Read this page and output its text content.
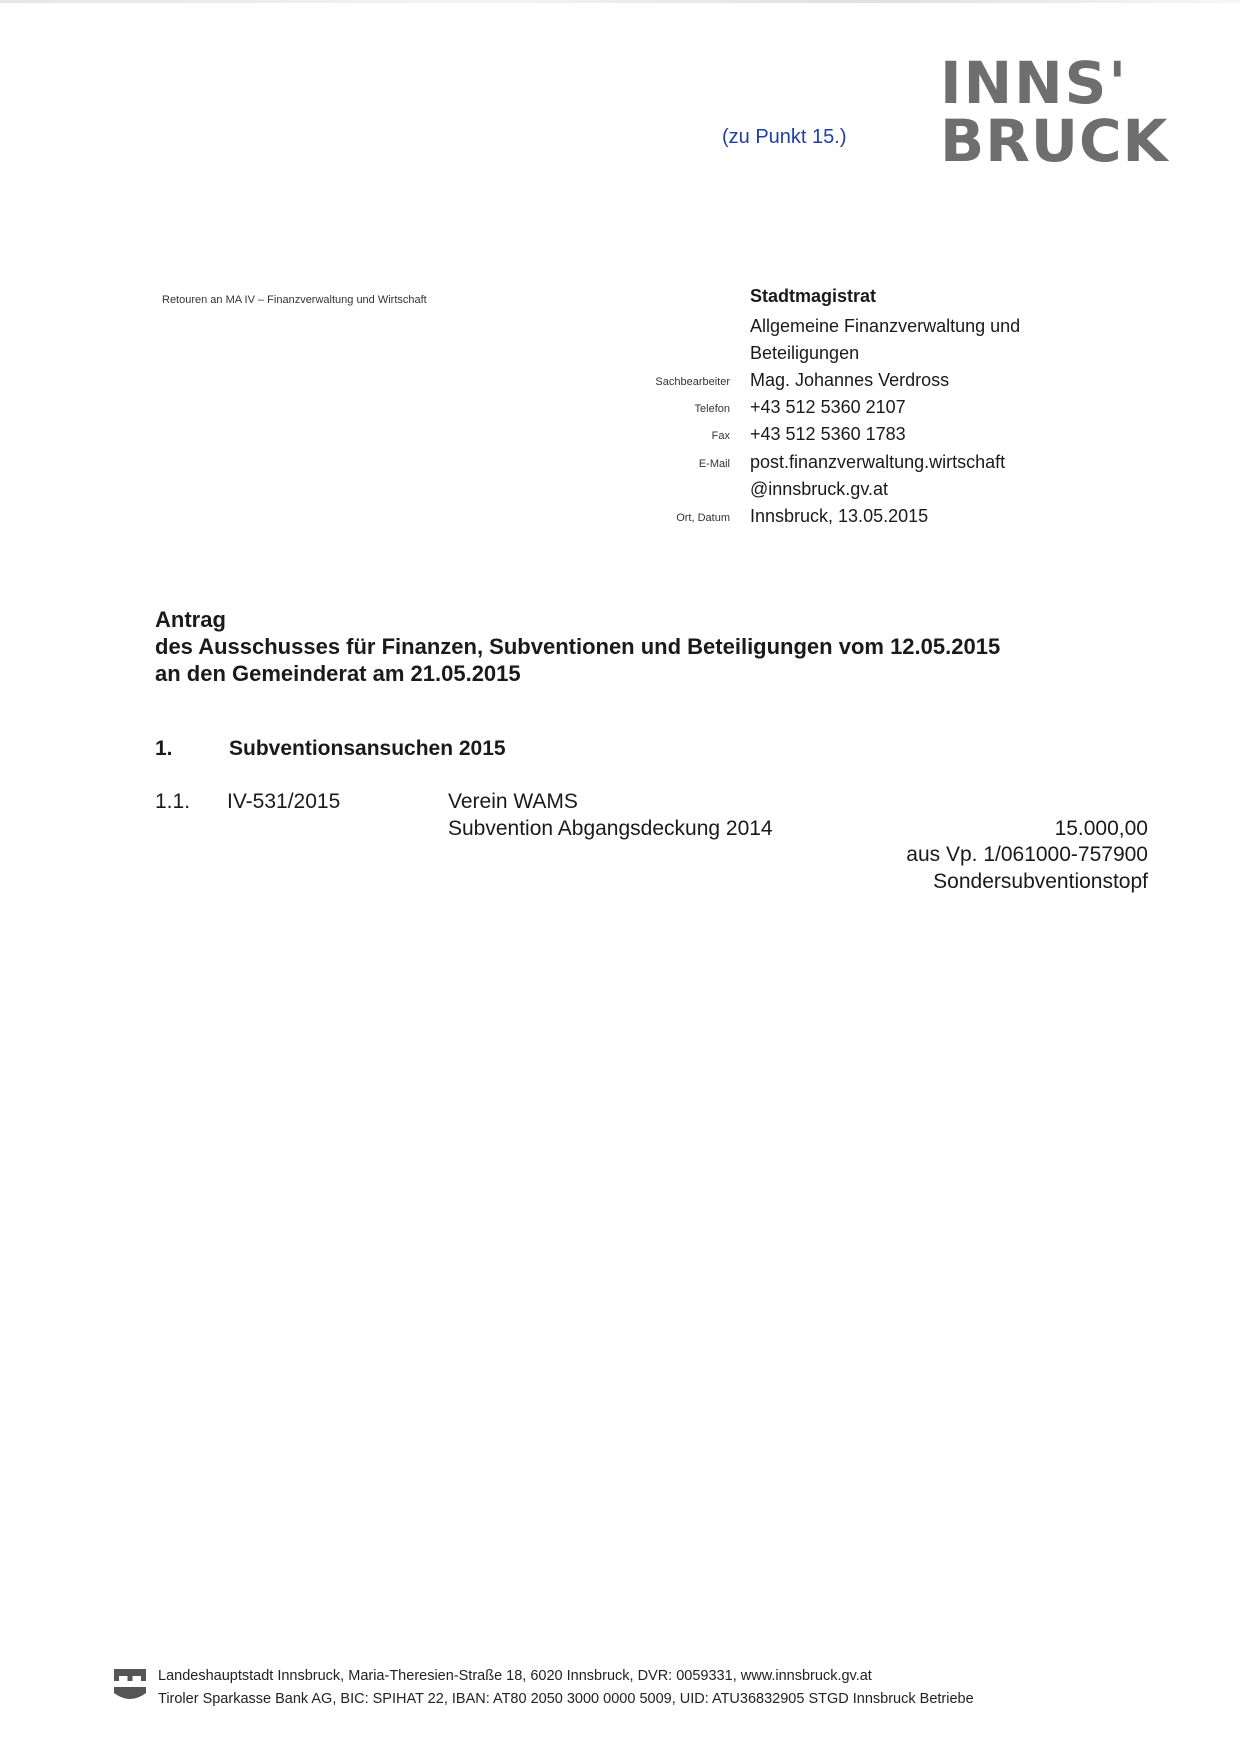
(zu Punkt 15.)
INNS'
BRUCK
Retouren an MA IV – Finanzverwaltung und Wirtschaft	Stadtmagistrat
Allgemeine Finanzverwaltung und
Beteiligungen
Sachbearbeiter Mag. Johannes Verdross
Telefon +43 512 5360 2107
Fax +43 512 5360 1783
E-Mail post.finanzverwaltung.wirtschaft
@innsbruck.gv.at
Ort, Datum Innsbruck, 13.05.2015
Antrag
des Ausschusses für Finanzen, Subventionen und Beteiligungen vom 12.05.2015
an den Gemeinderat am 21.05.2015
1.	Subventionsansuchen 2015
1.1. IV-531/2015	Verein WAMS
Subvention Abgangsdeckung 2014	15.000,00
aus Vp. 1/061000-757900
Sondersubventionstopf
Landeshauptstadt Innsbruck, Maria-Theresien-Straße 18, 6020 Innsbruck, DVR: 0059331, www.innsbruck.gv.at
Tiroler Sparkasse Bank AG, BIC: SPIHAT 22, IBAN: AT80 2050 3000 0000 5009, UID: ATU36832905 STGD Innsbruck Betriebe
